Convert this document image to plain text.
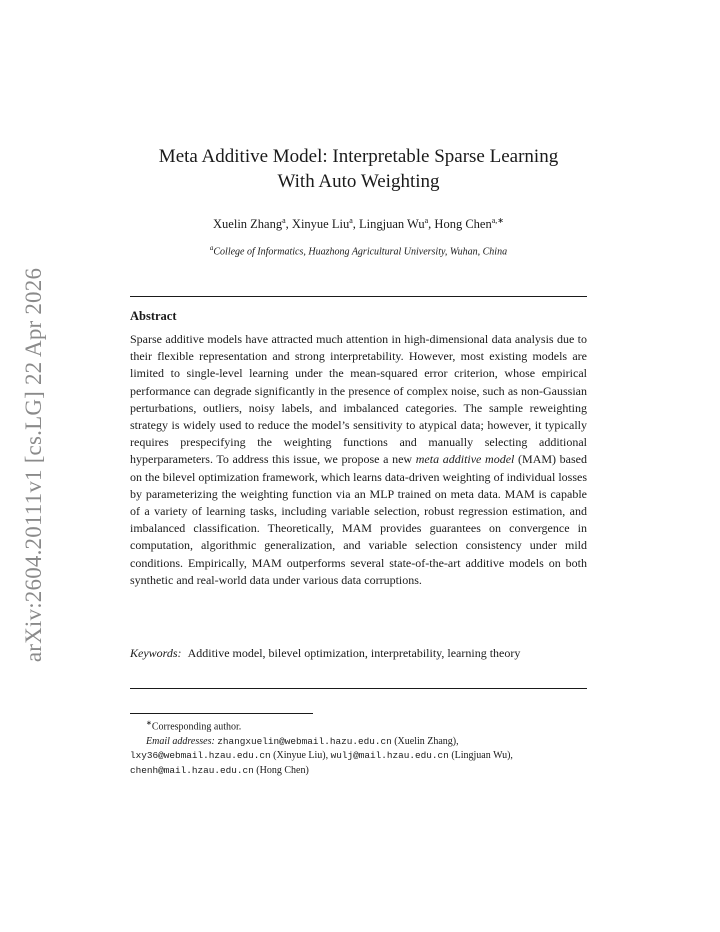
arXiv:2604.20111v1 [cs.LG] 22 Apr 2026
Meta Additive Model: Interpretable Sparse Learning
With Auto Weighting
Xuelin Zhang$^a$, Xinyue Liu$^a$, Lingjuan Wu$^a$, Hong Chen$^{a,∗}$
$^a$College of Informatics, Huazhong Agricultural University, Wuhan, China
Abstract

Sparse additive models have attracted much attention in high-dimensional data analysis due to their flexible representation and strong interpretability. However, most existing models are limited to single-level learning under the mean-squared error criterion, whose empirical performance can degrade significantly in the presence of complex noise, such as non-Gaussian perturbations, outliers, noisy labels, and imbalanced categories. The sample reweighting strategy is widely used to reduce the model’s sensitivity to atypical data; however, it typically requires prespecifying the weighting functions and manually selecting additional hyperparameters. To address this issue, we propose a new meta additive model (MAM) based on the bilevel optimization framework, which learns data-driven weighting of individual losses by parameterizing the weighting function via an MLP trained on meta data. MAM is capable of a variety of learning tasks, including variable selection, robust regression estimation, and imbalanced classification. Theoretically, MAM provides guarantees on convergence in computation, algorithmic generalization, and variable selection consistency under mild conditions. Empirically, MAM outperforms several state-of-the-art additive models on both synthetic and real-world data under various data corruptions.

Keywords: Additive model, bilevel optimization, interpretability, learning theory

∗Corresponding author.
Email addresses: zhangxuelin@webmail.hazu.edu.cn (Xuelin Zhang),
lxy36@webmail.hzau.edu.cn (Xinyue Liu), wulj@mail.hzau.edu.cn (Lingjuan Wu),
chenh@mail.hzau.edu.cn (Hong Chen)
